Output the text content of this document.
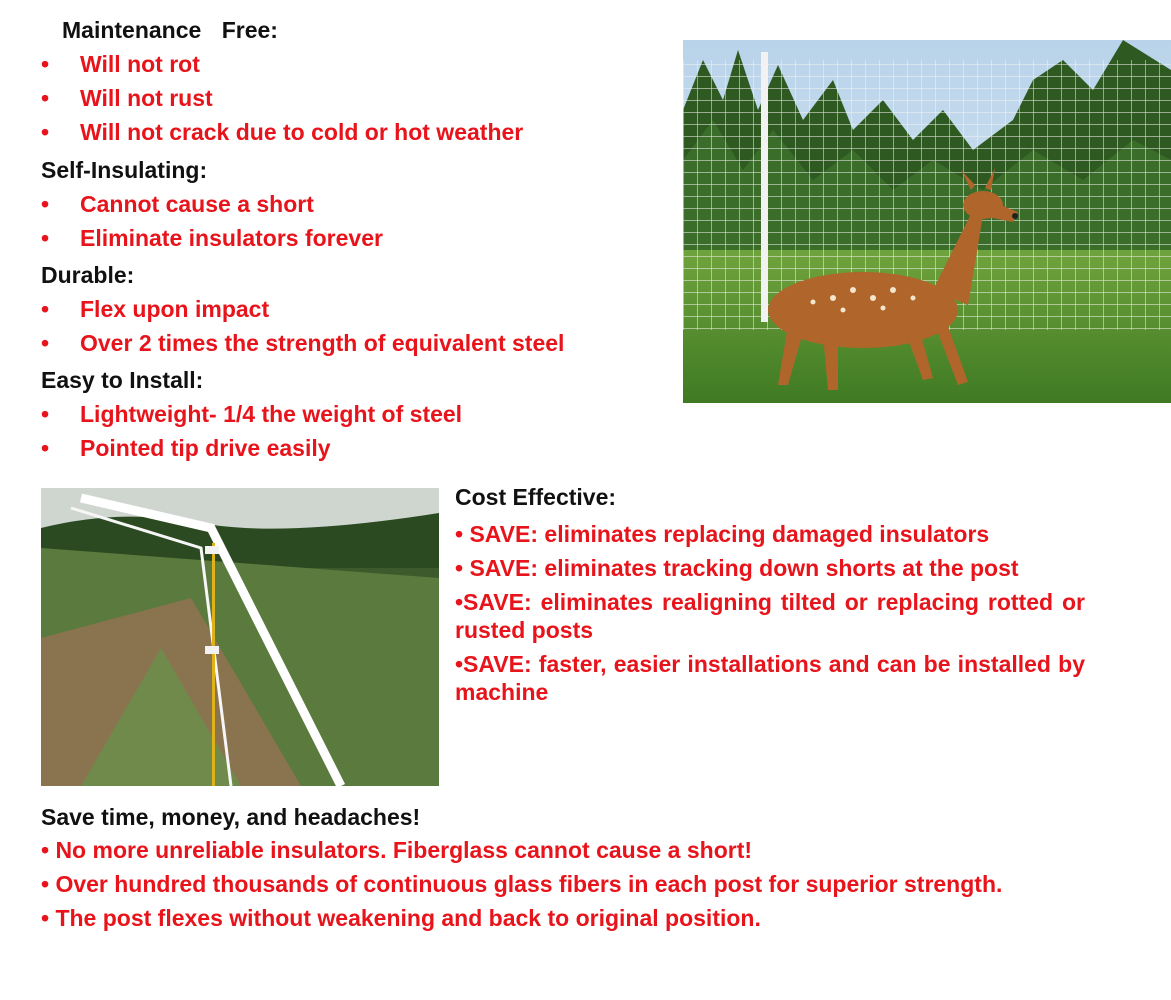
Maintenance Free:
•	Will not rot
•	Will not rust
•	Will not crack due to cold or hot weather
Self-Insulating:
•	Cannot cause a short
•	Eliminate insulators forever
Durable:
•	Flex upon impact
•	Over 2 times the strength of equivalent steel
Easy to Install:
•	Lightweight- 1/4 the weight of steel
•	Pointed tip drive easily
Cost Effective:
• SAVE: eliminates replacing damaged insulators
• SAVE: eliminates tracking down shorts at the post
•SAVE: eliminates realigning tilted or replacing rotted or rusted posts
•SAVE: faster, easier installations and can be installed by machine
Save time, money, and headaches!
• No more unreliable insulators. Fiberglass cannot cause a short!
• Over hundred thousands of continuous glass fibers in each post for superior strength.
• The post flexes without weakening and back to original position.
